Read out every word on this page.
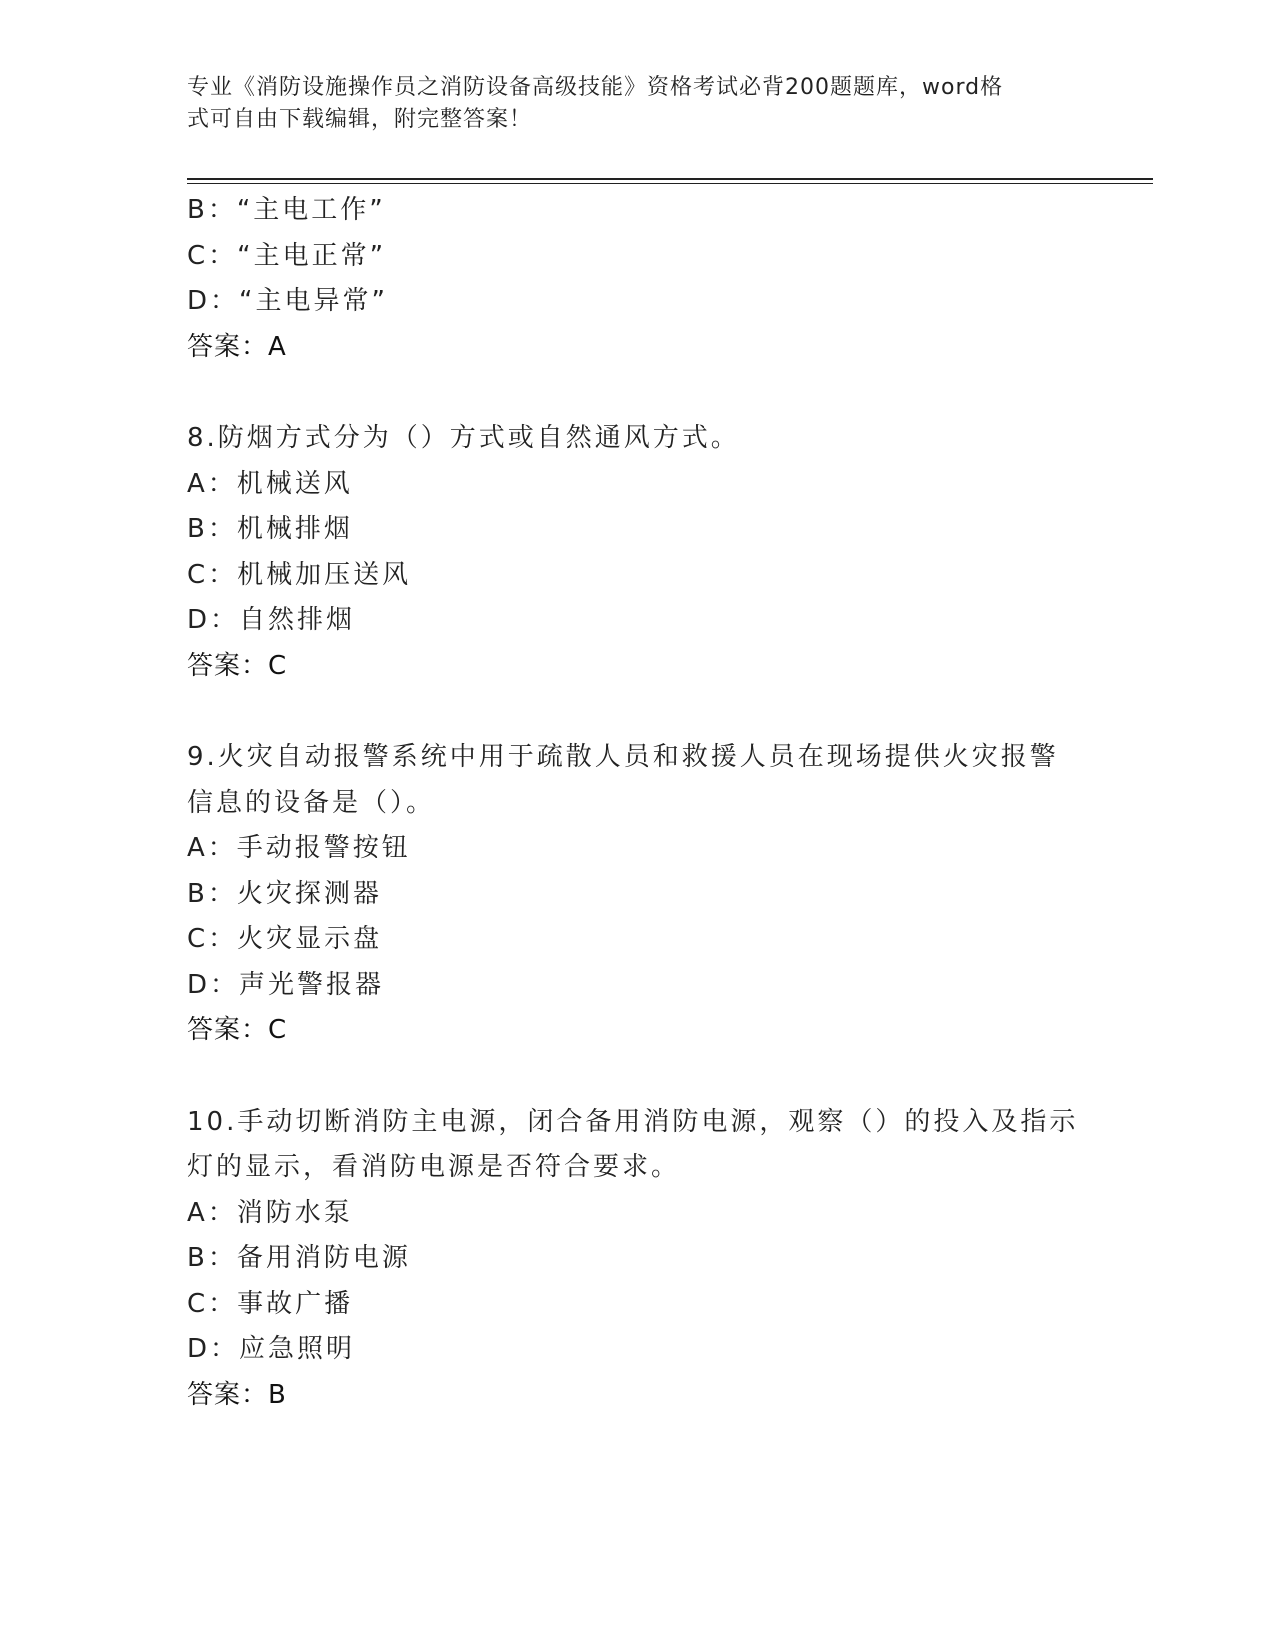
专业《消防设施操作员之消防设备高级技能》资格考试必背200题题库，word格
式可自由下载编辑，附完整答案！
B：“主电工作”
C：“主电正常”
D：“主电异常”
答案：A
8.防烟方式分为（）方式或自然通风方式。
A：机械送风
B：机械排烟
C：机械加压送风
D：自然排烟
答案：C
9.火灾自动报警系统中用于疏散人员和救援人员在现场提供火灾报警
信息的设备是（）。
A：手动报警按钮
B：火灾探测器
C：火灾显示盘
D：声光警报器
答案：C
10.手动切断消防主电源，闭合备用消防电源，观察（）的投入及指示
灯的显示，看消防电源是否符合要求。
A：消防水泵
B：备用消防电源
C：事故广播
D：应急照明
答案：B
